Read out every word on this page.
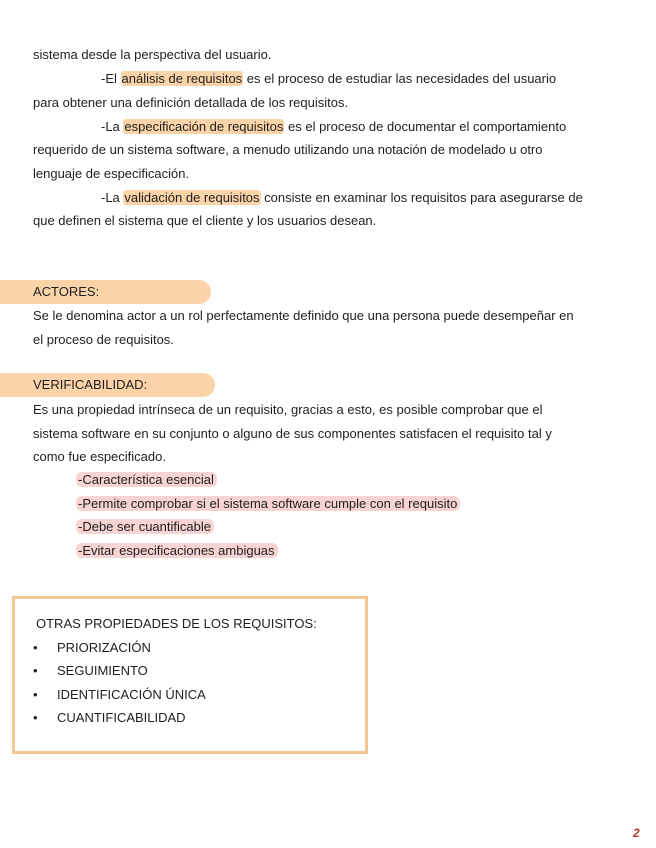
sistema desde la perspectiva del usuario.
-El análisis de requisitos es el proceso de estudiar las necesidades del usuario
para obtener una definición detallada de los requisitos.
-La especificación de requisitos es el proceso de documentar el comportamiento
requerido de un sistema software, a menudo utilizando una notación de modelado u otro
lenguaje de especificación.
-La validación de requisitos consiste en examinar los requisitos para asegurarse de
que definen el sistema que el cliente y los usuarios desean.
ACTORES:
Se le denomina actor a un rol perfectamente definido que una persona puede desempeñar en
el proceso de requisitos.
VERIFICABILIDAD:
Es una propiedad intrínseca de un requisito, gracias a esto, es posible comprobar que el
sistema software en su conjunto o alguno de sus componentes satisfacen el requisito tal y
como fue especificado.
-Característica esencial
-Permite comprobar si el sistema software cumple con el requisito
-Debe ser cuantificable
-Evitar especificaciones ambiguas
OTRAS PROPIEDADES DE LOS REQUISITOS:
• PRIORIZACIÓN
• SEGUIMIENTO
• IDENTIFICACIÓN ÚNICA
• CUANTIFICABILIDAD
2
